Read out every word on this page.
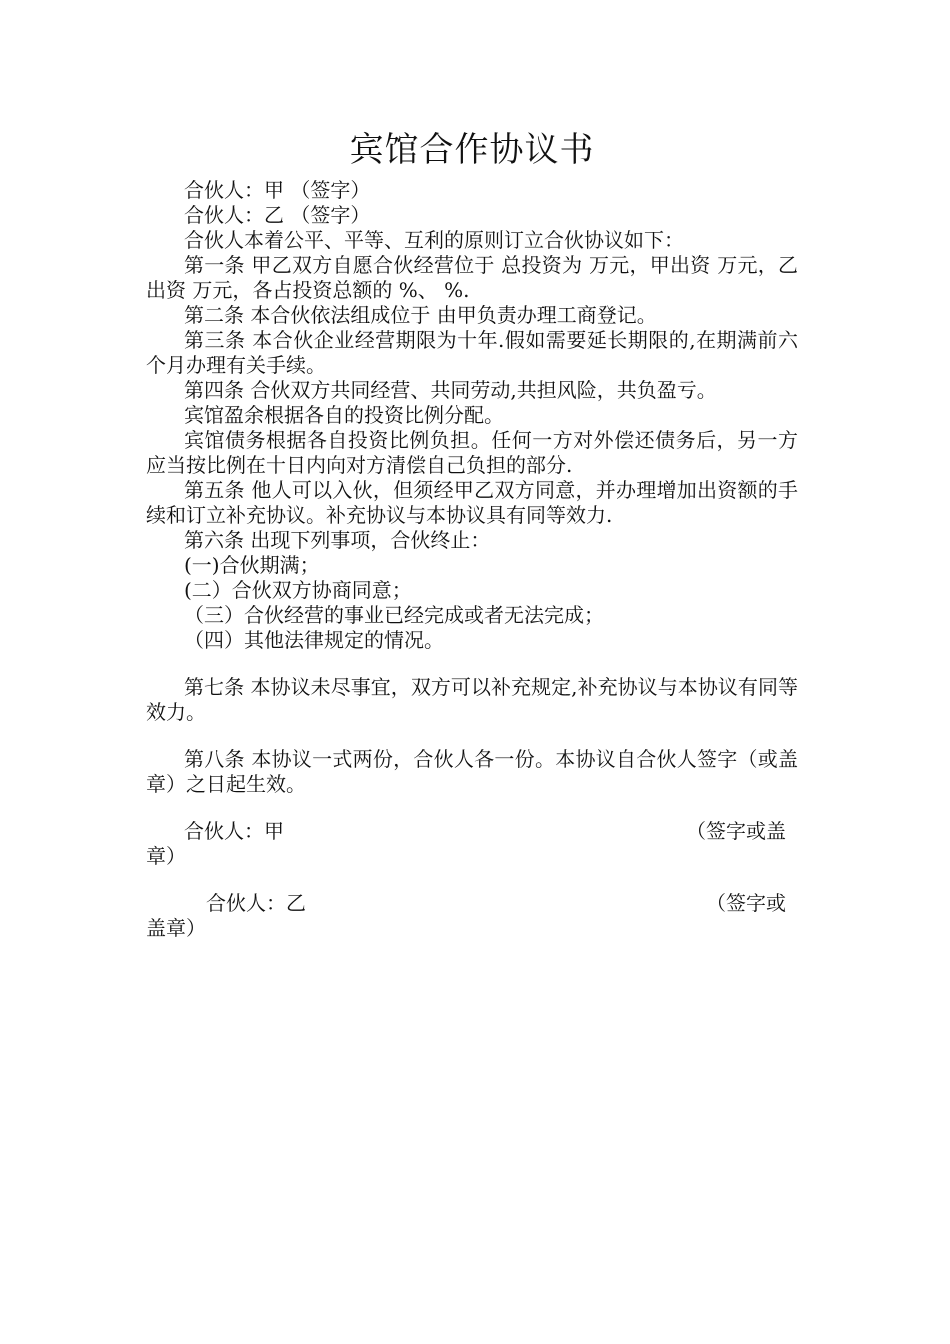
宾馆合作协议书

合伙人：甲 （签字）

合伙人：乙 （签字）

合伙人本着公平、平等、互利的原则订立合伙协议如下：

第一条 甲乙双方自愿合伙经营位于 总投资为 万元，甲出资 万元，乙出资 万元，各占投资总额的 %、 %.

第二条 本合伙依法组成位于 由甲负责办理工商登记。

第三条 本合伙企业经营期限为十年.假如需要延长期限的,在期满前六个月办理有关手续。

第四条 合伙双方共同经营、共同劳动,共担风险，共负盈亏。

宾馆盈余根据各自的投资比例分配。

宾馆债务根据各自投资比例负担。任何一方对外偿还债务后，另一方应当按比例在十日内向对方清偿自己负担的部分.

第五条 他人可以入伙，但须经甲乙双方同意，并办理增加出资额的手续和订立补充协议。补充协议与本协议具有同等效力.

第六条 出现下列事项，合伙终止：

(一)合伙期满；

(二）合伙双方协商同意；

（三）合伙经营的事业已经完成或者无法完成；

（四）其他法律规定的情况。

第七条 本协议未尽事宜，双方可以补充规定,补充协议与本协议有同等效力。

第八条 本协议一式两份，合伙人各一份。本协议自合伙人签字（或盖章）之日起生效。

合伙人：甲	（签字或盖
章）
合伙人：乙	（签字或
盖章）
